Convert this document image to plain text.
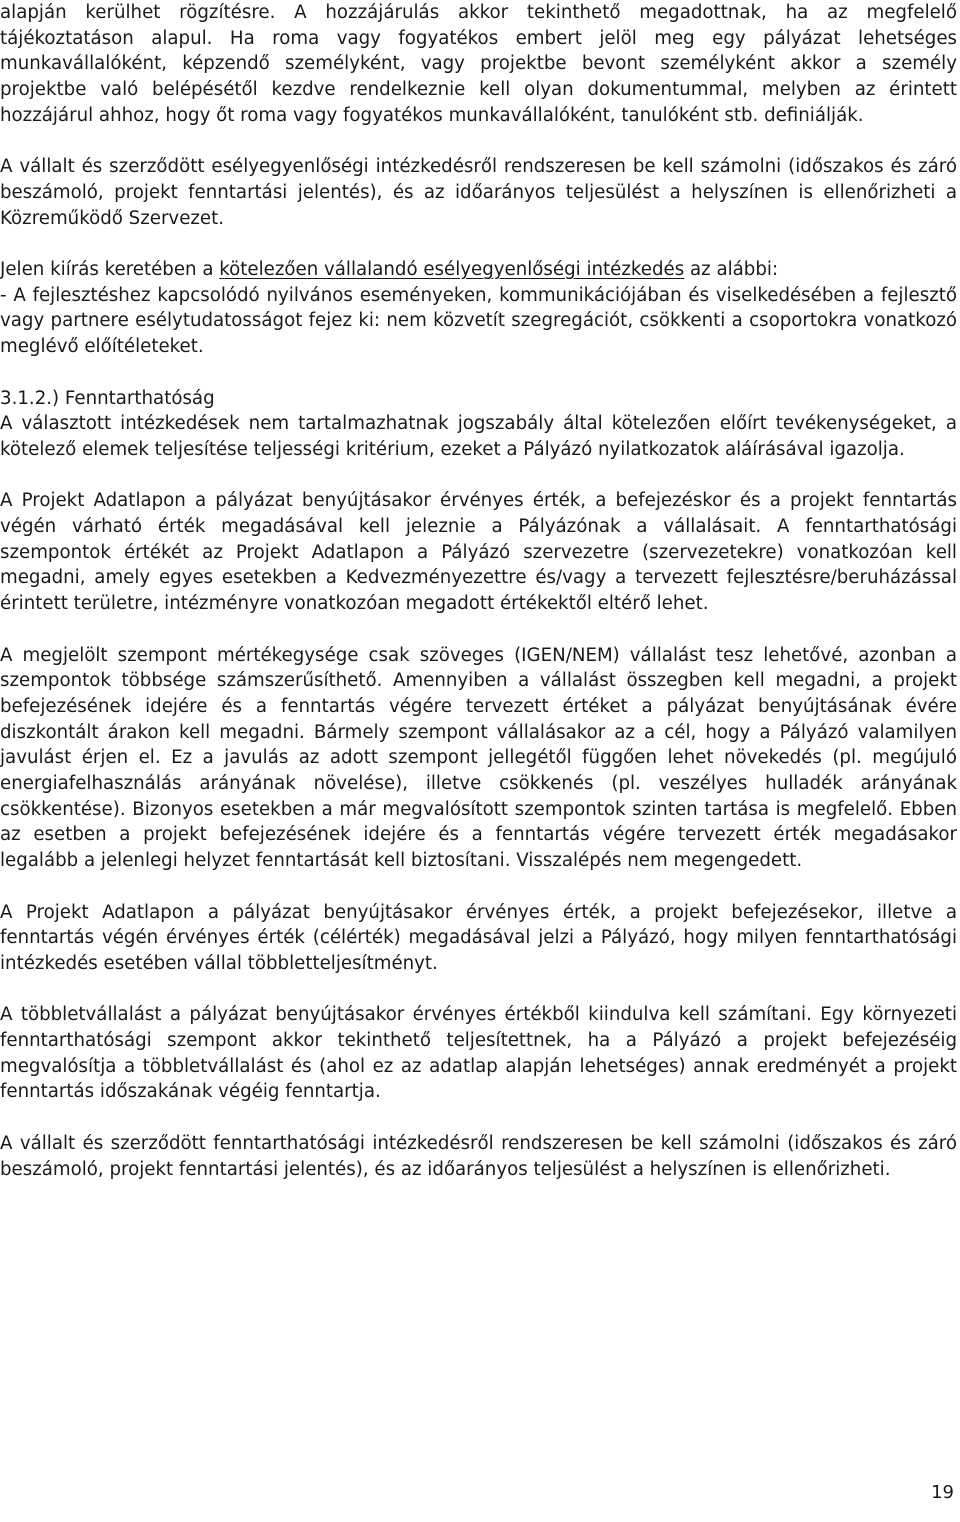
alapján kerülhet rögzítésre. A hozzájárulás akkor tekinthető megadottnak, ha az megfelelő tájékoztatáson alapul. Ha roma vagy fogyatékos embert jelöl meg egy pályázat lehetséges munkavállalóként, képzendő személyként, vagy projektbe bevont személyként akkor a személy projektbe való belépésétől kezdve rendelkeznie kell olyan dokumentummal, melyben az érintett hozzájárul ahhoz, hogy őt roma vagy fogyatékos munkavállalóként, tanulóként stb. definiálják.

A vállalt és szerződött esélyegyenlőségi intézkedésről rendszeresen be kell számolni (időszakos és záró beszámoló, projekt fenntartási jelentés), és az időarányos teljesülést a helyszínen is ellenőrizheti a Közreműködő Szervezet.

Jelen kiírás keretében a kötelezően vállalandó esélyegyenlőségi intézkedés az alábbi:

- A fejlesztéshez kapcsolódó nyilvános eseményeken, kommunikációjában és viselkedésében a fejlesztő vagy partnere esélytudatosságot fejez ki: nem közvetít szegregációt, csökkenti a csoportokra vonatkozó meglévő előítéleteket.

3.1.2.) Fenntarthatóság

A választott intézkedések nem tartalmazhatnak jogszabály által kötelezően előírt tevékenységeket, a kötelező elemek teljesítése teljességi kritérium, ezeket a Pályázó nyilatkozatok aláírásával igazolja.

A Projekt Adatlapon a pályázat benyújtásakor érvényes érték, a befejezéskor és a projekt fenntartás végén várható érték megadásával kell jeleznie a Pályázónak a vállalásait. A fenntarthatósági szempontok értékét az Projekt Adatlapon a Pályázó szervezetre (szervezetekre) vonatkozóan kell megadni, amely egyes esetekben a Kedvezményezettre és/vagy a tervezett fejlesztésre/beruházással érintett területre, intézményre vonatkozóan megadott értékektől eltérő lehet.

A megjelölt szempont mértékegysége csak szöveges (IGEN/NEM) vállalást tesz lehetővé, azonban a szempontok többsége számszerűsíthető. Amennyiben a vállalást összegben kell megadni, a projekt befejezésének idejére és a fenntartás végére tervezett értéket a pályázat benyújtásának évére diszkontált árakon kell megadni. Bármely szempont vállalásakor az a cél, hogy a Pályázó valamilyen javulást érjen el. Ez a javulás az adott szempont jellegétől függően lehet növekedés (pl. megújuló energiafelhasználás arányának növelése), illetve csökkenés (pl. veszélyes hulladék arányának csökkentése). Bizonyos esetekben a már megvalósított szempontok szinten tartása is megfelelő. Ebben az esetben a projekt befejezésének idejére és a fenntartás végére tervezett érték megadásakor legalább a jelenlegi helyzet fenntartását kell biztosítani. Visszalépés nem megengedett.

A Projekt Adatlapon a pályázat benyújtásakor érvényes érték, a projekt befejezésekor, illetve a fenntartás végén érvényes érték (célérték) megadásával jelzi a Pályázó, hogy milyen fenntarthatósági intézkedés esetében vállal többletteljesítményt.

A többletvállalást a pályázat benyújtásakor érvényes értékből kiindulva kell számítani. Egy környezeti fenntarthatósági szempont akkor tekinthető teljesítettnek, ha a Pályázó a projekt befejezéséig megvalósítja a többletvállalást és (ahol ez az adatlap alapján lehetséges) annak eredményét a projekt fenntartás időszakának végéig fenntartja.

A vállalt és szerződött fenntarthatósági intézkedésről rendszeresen be kell számolni (időszakos és záró beszámoló, projekt fenntartási jelentés), és az időarányos teljesülést a helyszínen is ellenőrizheti.

19
